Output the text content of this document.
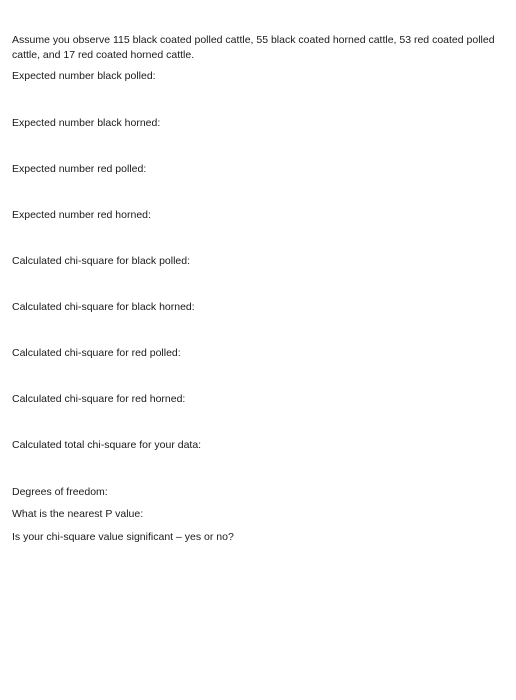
Assume you observe 115 black coated polled cattle, 55 black coated horned cattle, 53 red coated polled cattle, and 17 red coated horned cattle.
Expected number black polled:
Expected number black horned:
Expected number red polled:
Expected number red horned:
Calculated chi-square for black polled:
Calculated chi-square for black horned:
Calculated chi-square for red polled:
Calculated chi-square for red horned:
Calculated total chi-square for your data:
Degrees of freedom:
What is the nearest P value:
Is your chi-square value significant – yes or no?
